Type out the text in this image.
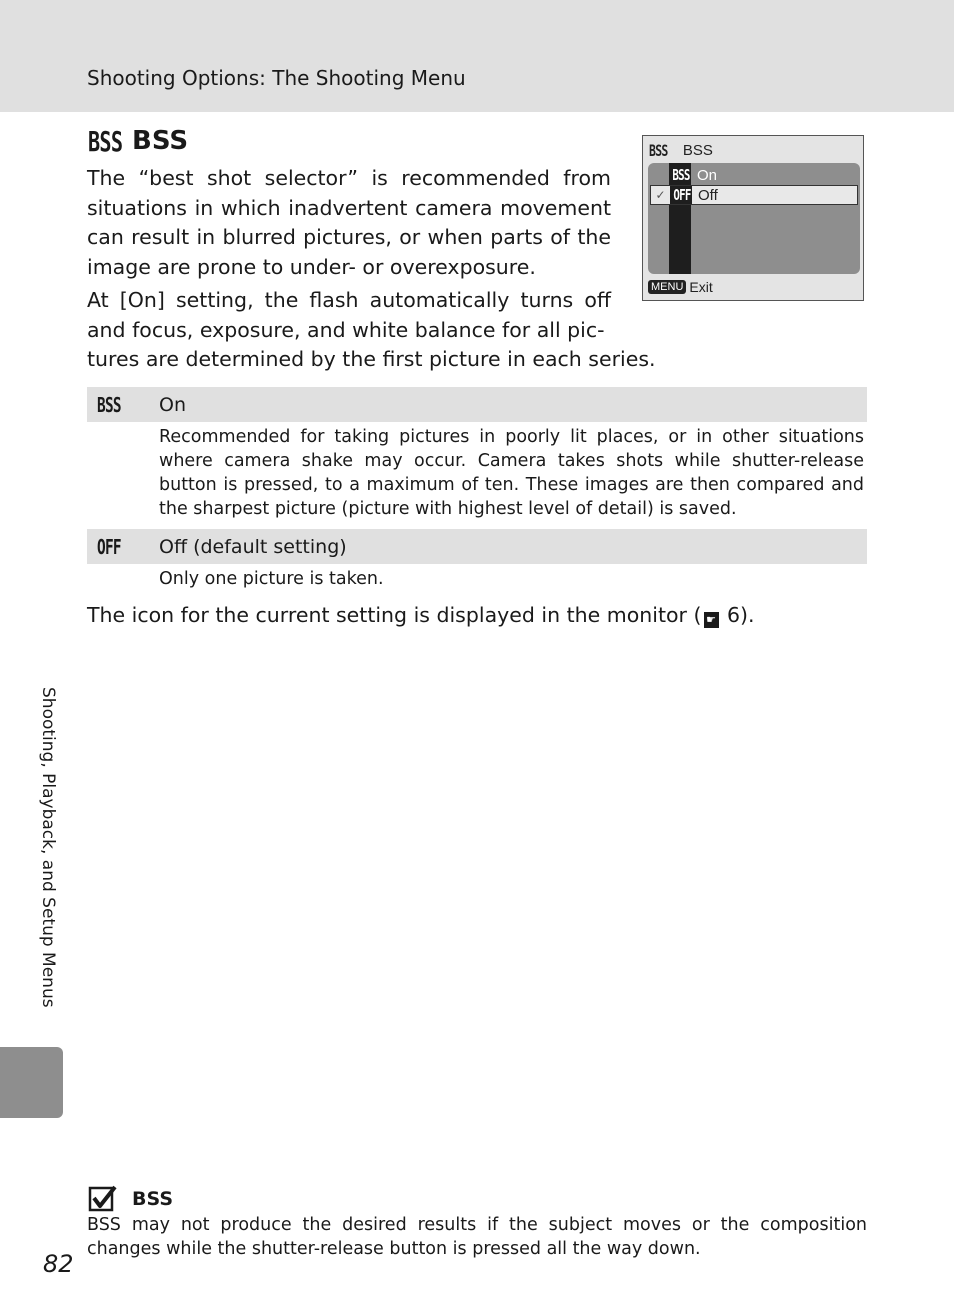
Shooting Options: The Shooting Menu
BSS BSS

The “best shot selector” is recommended from situations in which inadvertent camera movement can result in blurred pictures, or when parts of the image are prone to under- or overexposure.

At [On] setting, the flash automatically turns off and focus, exposure, and white balance for all pic-

tures are determined by the first picture in each series.

BSS	BSS
BSS On
✓ OFF Off
MENU Exit
BSS	On

Recommended for taking pictures in poorly lit places, or in other situations where camera shake may occur. Camera takes shots while shutter-release button is pressed, to a maximum of ten. These images are then compared and the sharpest picture (picture with highest level of detail) is saved.

OFF	Off (default setting)

Only one picture is taken.

The icon for the current setting is displayed in the monitor ( ☛ 6).
Shooting, Playback, and Setup Menus
BSS

BSS may not produce the desired results if the subject moves or the composition changes while the shutter-release button is pressed all the way down.

82
